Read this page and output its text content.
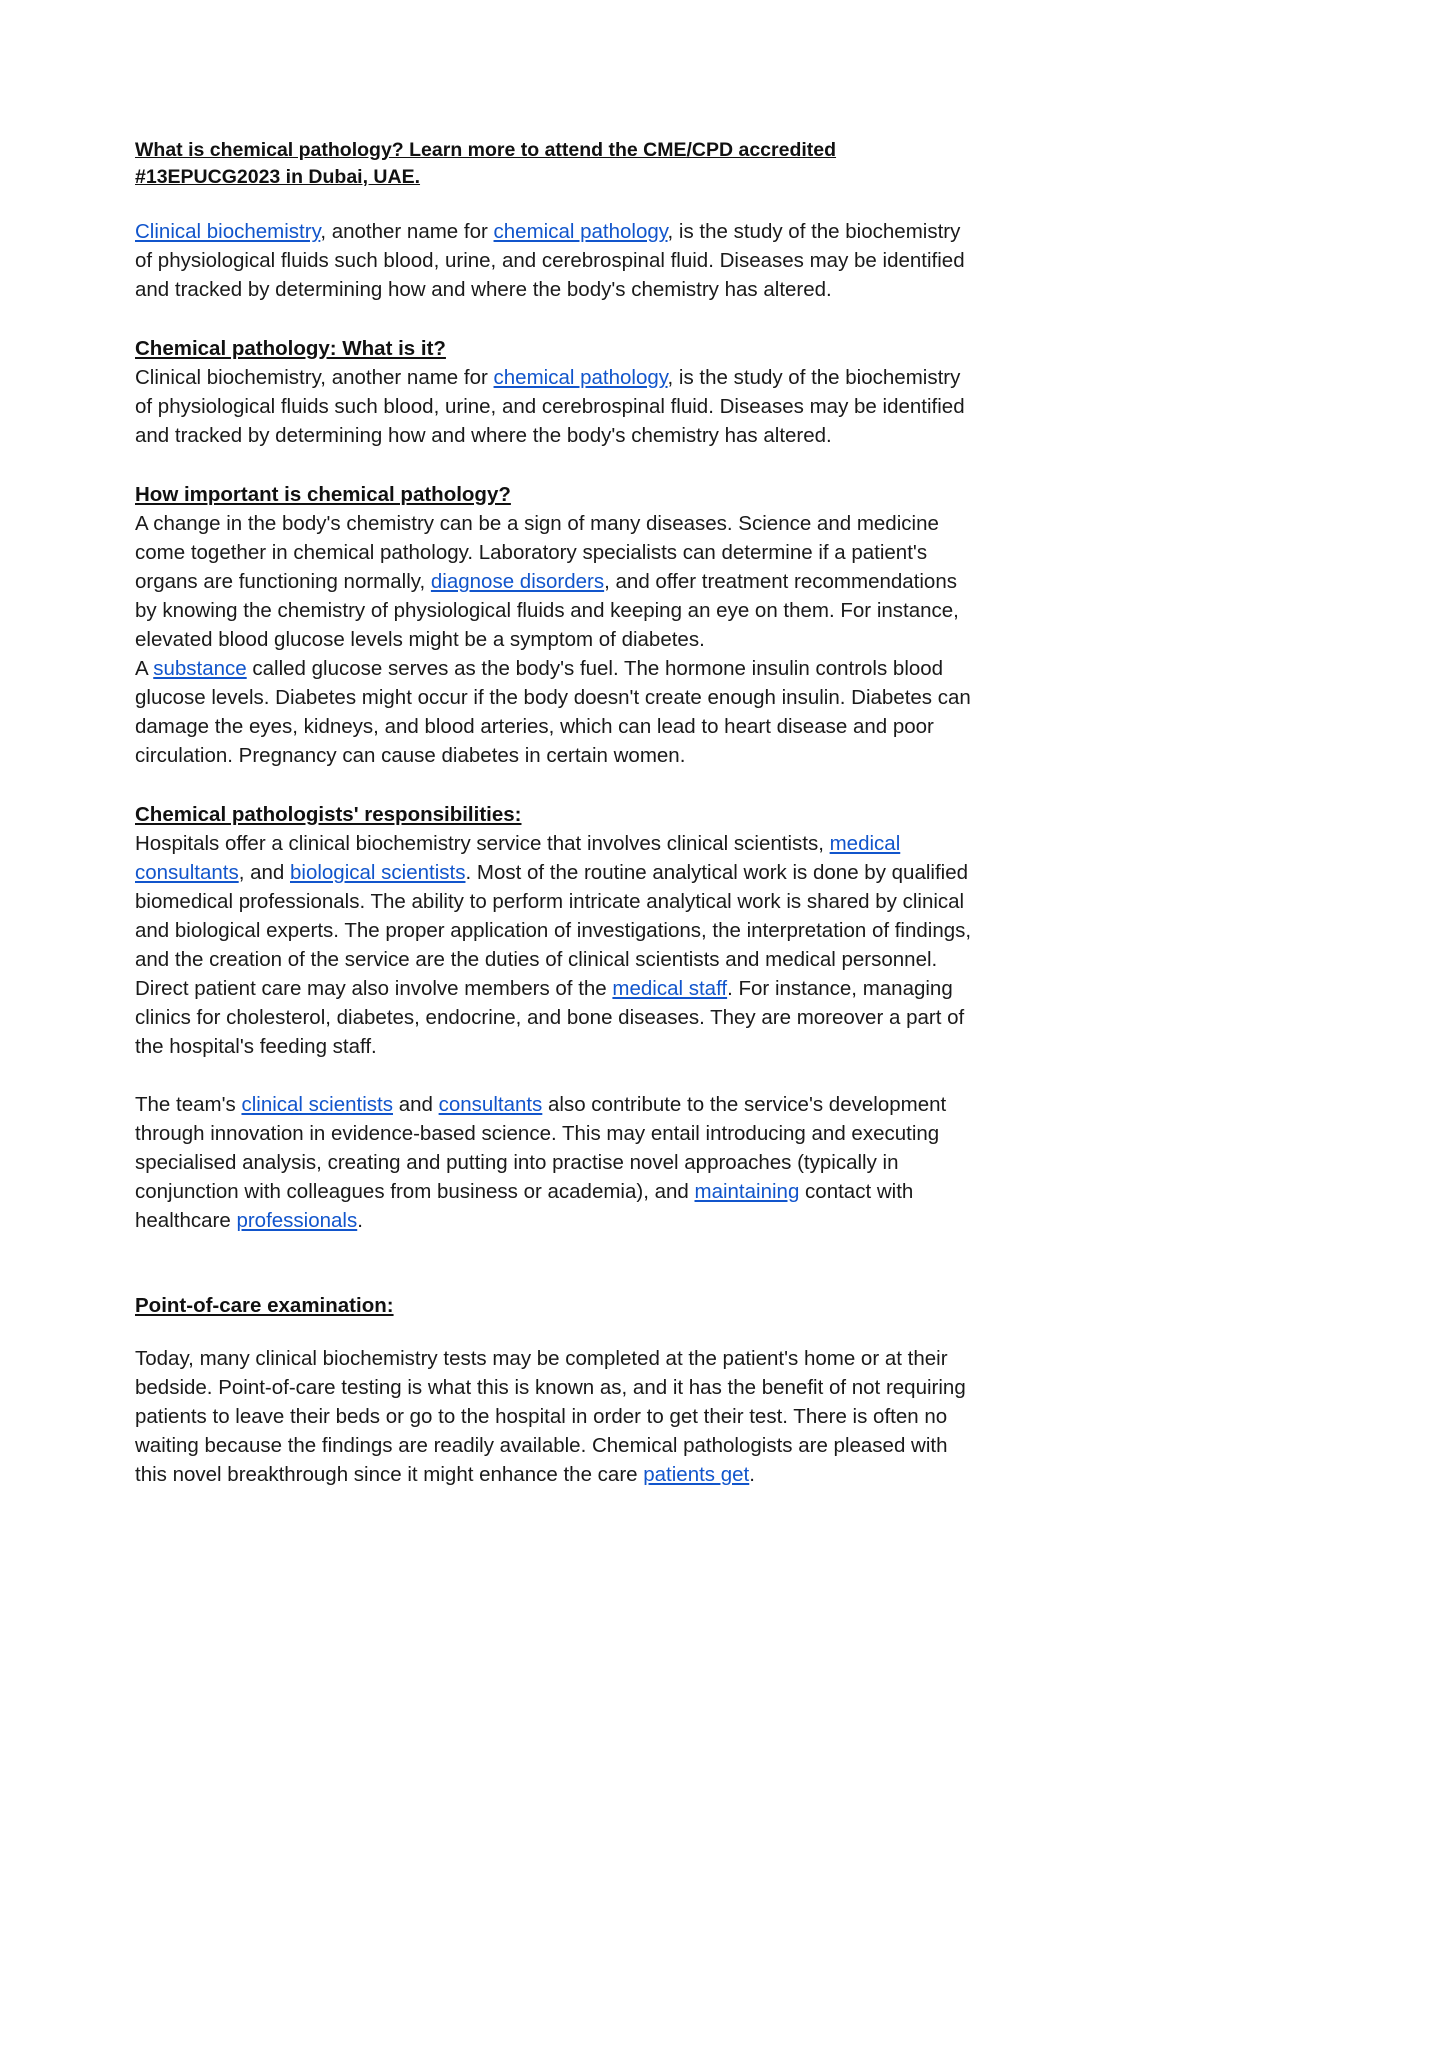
What is chemical pathology? Learn more to attend the CME/CPD accredited #13EPUCG2023 in Dubai, UAE.

Clinical biochemistry, another name for chemical pathology, is the study of the biochemistry of physiological fluids such blood, urine, and cerebrospinal fluid. Diseases may be identified and tracked by determining how and where the body's chemistry has altered.

Chemical pathology: What is it?

Clinical biochemistry, another name for chemical pathology, is the study of the biochemistry of physiological fluids such blood, urine, and cerebrospinal fluid. Diseases may be identified and tracked by determining how and where the body's chemistry has altered.

How important is chemical pathology?

A change in the body's chemistry can be a sign of many diseases. Science and medicine come together in chemical pathology. Laboratory specialists can determine if a patient's organs are functioning normally, diagnose disorders, and offer treatment recommendations by knowing the chemistry of physiological fluids and keeping an eye on them. For instance, elevated blood glucose levels might be a symptom of diabetes.

A substance called glucose serves as the body's fuel. The hormone insulin controls blood glucose levels. Diabetes might occur if the body doesn't create enough insulin. Diabetes can damage the eyes, kidneys, and blood arteries, which can lead to heart disease and poor circulation. Pregnancy can cause diabetes in certain women.

Chemical pathologists' responsibilities:

Hospitals offer a clinical biochemistry service that involves clinical scientists, medical consultants, and biological scientists. Most of the routine analytical work is done by qualified biomedical professionals. The ability to perform intricate analytical work is shared by clinical and biological experts. The proper application of investigations, the interpretation of findings, and the creation of the service are the duties of clinical scientists and medical personnel. Direct patient care may also involve members of the medical staff. For instance, managing clinics for cholesterol, diabetes, endocrine, and bone diseases. They are moreover a part of the hospital's feeding staff.

The team's clinical scientists and consultants also contribute to the service's development through innovation in evidence-based science. This may entail introducing and executing specialised analysis, creating and putting into practise novel approaches (typically in conjunction with colleagues from business or academia), and maintaining contact with healthcare professionals.

Point-of-care examination:

Today, many clinical biochemistry tests may be completed at the patient's home or at their bedside. Point-of-care testing is what this is known as, and it has the benefit of not requiring patients to leave their beds or go to the hospital in order to get their test. There is often no waiting because the findings are readily available. Chemical pathologists are pleased with this novel breakthrough since it might enhance the care patients get.
